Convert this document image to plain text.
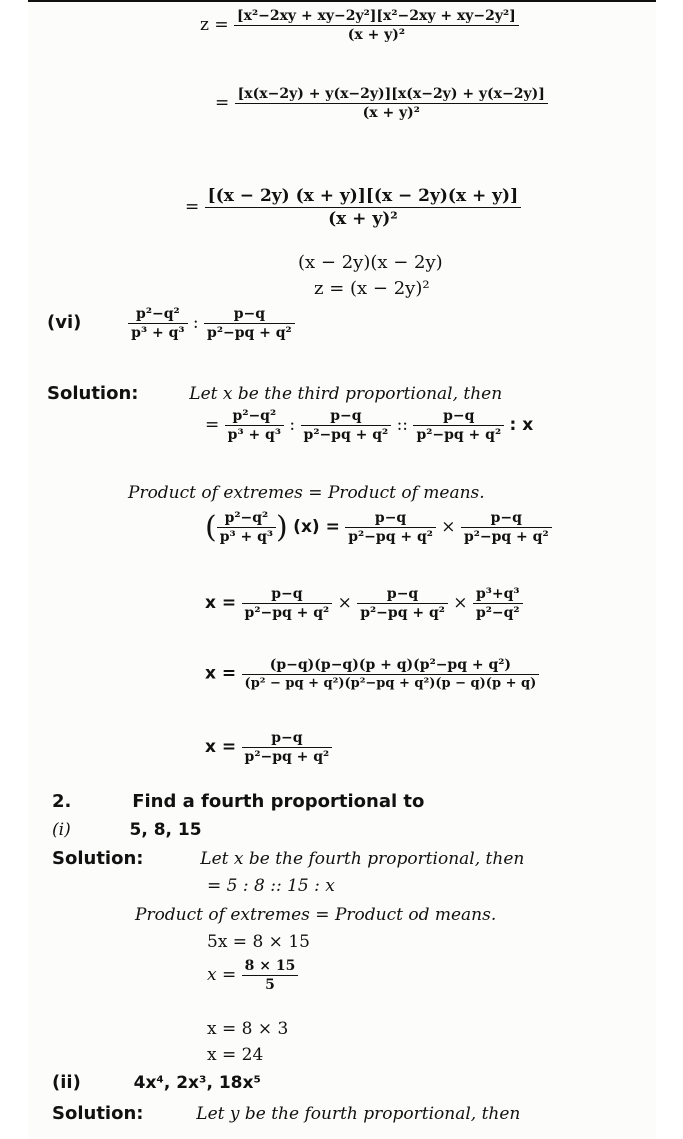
$z = \frac{\text{[x²−2xy + xy−2y²][x²−2xy + xy−2y²]}}{\text{(x + y)²}}$
= $\frac{[x(x-2y) + y(x-2y)][x(x-2y) + y(x-2y)]}{\text{(x + y)²}}$
= $\frac{[(x - 2y) (x + y)][(x - 2y)(x + y)]}{\text{(x + y)²}}$
(x − 2y)(x − 2y)
z = (x − 2y)²
(vi)	$\frac{\text{p²−q²}}{\text{p³ + q³}}$ : $\frac{p-q}{\text{p²−pq + q²}}$
Solution:	Let x be the third proportional, then
= $\frac{\text{p²−q²}}{\text{p³ + q³}}$ : $\frac{p-q}{\text{p²−pq + q²}}$ :: $\frac{p-q}{\text{p²−pq + q²}}$ : x
Product of extremes = Product of means.
( $\frac{\text{p²−q²}}{\text{p³ + q³}}$ ) $(x) = \frac{p-q}{\text{p²−pq + q²}} \times \frac{p-q}{\text{p²−pq + q²}}$
$x = \frac{p-q}{\text{p²−pq + q²}} \times \frac{p-q}{\text{p²−pq + q²}} \times \frac{\text{p³+q³}}{\text{p²−q²}}$
$x = \frac{\text{(p−q)(p−q)(p + q)(p²−pq + q²)}}{\text{(p² − pq + q²)(p²−pq + q²)(p − q)(p + q)}}$
$x = \frac{p-q}{\text{p²−pq + q²}}$
2.	Find a fourth proportional to
(i)	5, 8, 15
Solution:	Let x be the fourth proportional, then
= 5 : 8 :: 15 : x
Product of extremes = Product od means.
5x = 8 × 15
$x = \frac{8 \times 15}{5}$
x = 8 × 3
x = 24
(ii)	4x⁴, 2x³, 18x⁵
Solution:	Let y be the fourth proportional, then
